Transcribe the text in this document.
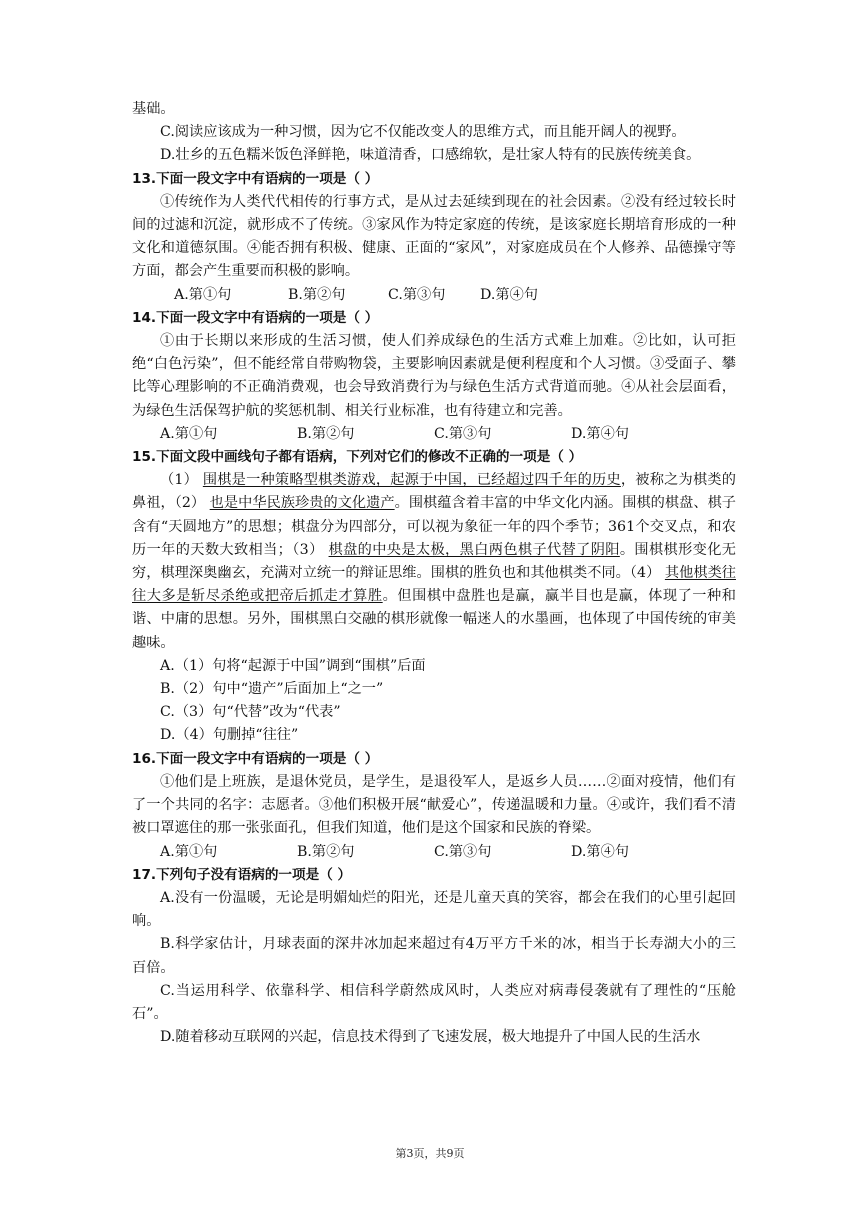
基础。

C.阅读应该成为一种习惯，因为它不仅能改变人的思维方式，而且能开阔人的视野。

D.壮乡的五色糯米饭色泽鲜艳，味道清香，口感绵软，是壮家人特有的民族传统美食。

13.下面一段文字中有语病的一项是（ ）

①传统作为人类代代相传的行事方式，是从过去延续到现在的社会因素。②没有经过较长时间的过滤和沉淀，就形成不了传统。③家风作为特定家庭的传统，是该家庭长期培育形成的一种文化和道德氛围。④能否拥有积极、健康、正面的“家风”，对家庭成员在个人修养、品德操守等方面，都会产生重要而积极的影响。

A.第①句	B.第②句	C.第③句	D.第④句

14.下面一段文字中有语病的一项是（ ）

①由于长期以来形成的生活习惯，使人们养成绿色的生活方式难上加难。②比如，认可拒绝“白色污染”，但不能经常自带购物袋，主要影响因素就是便利程度和个人习惯。③受面子、攀比等心理影响的不正确消费观，也会导致消费行为与绿色生活方式背道而驰。④从社会层面看，为绿色生活保驾护航的奖惩机制、相关行业标准，也有待建立和完善。

A.第①句	B.第②句	C.第③句	D.第④句

15.下面文段中画线句子都有语病，下列对它们的修改不正确的一项是（ ）

（1） 围棋是一种策略型棋类游戏，起源于中国，已经超过四千年的历史，被称之为棋类的鼻祖，（2） 也是中华民族珍贵的文化遗产。围棋蕴含着丰富的中华文化内涵。围棋的棋盘、棋子含有“天圆地方”的思想；棋盘分为四部分，可以视为象征一年的四个季节；361个交叉点，和农历一年的天数大致相当；（3） 棋盘的中央是太极，黑白两色棋子代替了阴阳。围棋棋形变化无穷，棋理深奥幽玄，充满对立统一的辩证思维。围棋的胜负也和其他棋类不同。（4） 其他棋类往往大多是斩尽杀绝或把帝后抓走才算胜。但围棋中盘胜也是赢，赢半目也是赢，体现了一种和谐、中庸的思想。另外，围棋黑白交融的棋形就像一幅迷人的水墨画，也体现了中国传统的审美趣味。

A.（1）句将“起源于中国”调到“围棋”后面

B.（2）句中“遗产”后面加上“之一”

C.（3）句“代替”改为“代表”

D.（4）句删掉“往往”

16.下面一段文字中有语病的一项是（ ）

①他们是上班族，是退休党员，是学生，是退役军人，是返乡人员……②面对疫情，他们有了一个共同的名字：志愿者。③他们积极开展“献爱心”，传递温暖和力量。④或许，我们看不清被口罩遮住的那一张张面孔，但我们知道，他们是这个国家和民族的脊梁。

A.第①句	B.第②句	C.第③句	D.第④句

17.下列句子没有语病的一项是（ ）

A.没有一份温暖，无论是明媚灿烂的阳光，还是儿童天真的笑容，都会在我们的心里引起回响。

B.科学家估计，月球表面的深井冰加起来超过有4万平方千米的冰，相当于长寿湖大小的三百倍。

C.当运用科学、依靠科学、相信科学蔚然成风时，人类应对病毒侵袭就有了理性的“压舱石”。

D.随着移动互联网的兴起，信息技术得到了飞速发展，极大地提升了中国人民的生活水

第3页，共9页
